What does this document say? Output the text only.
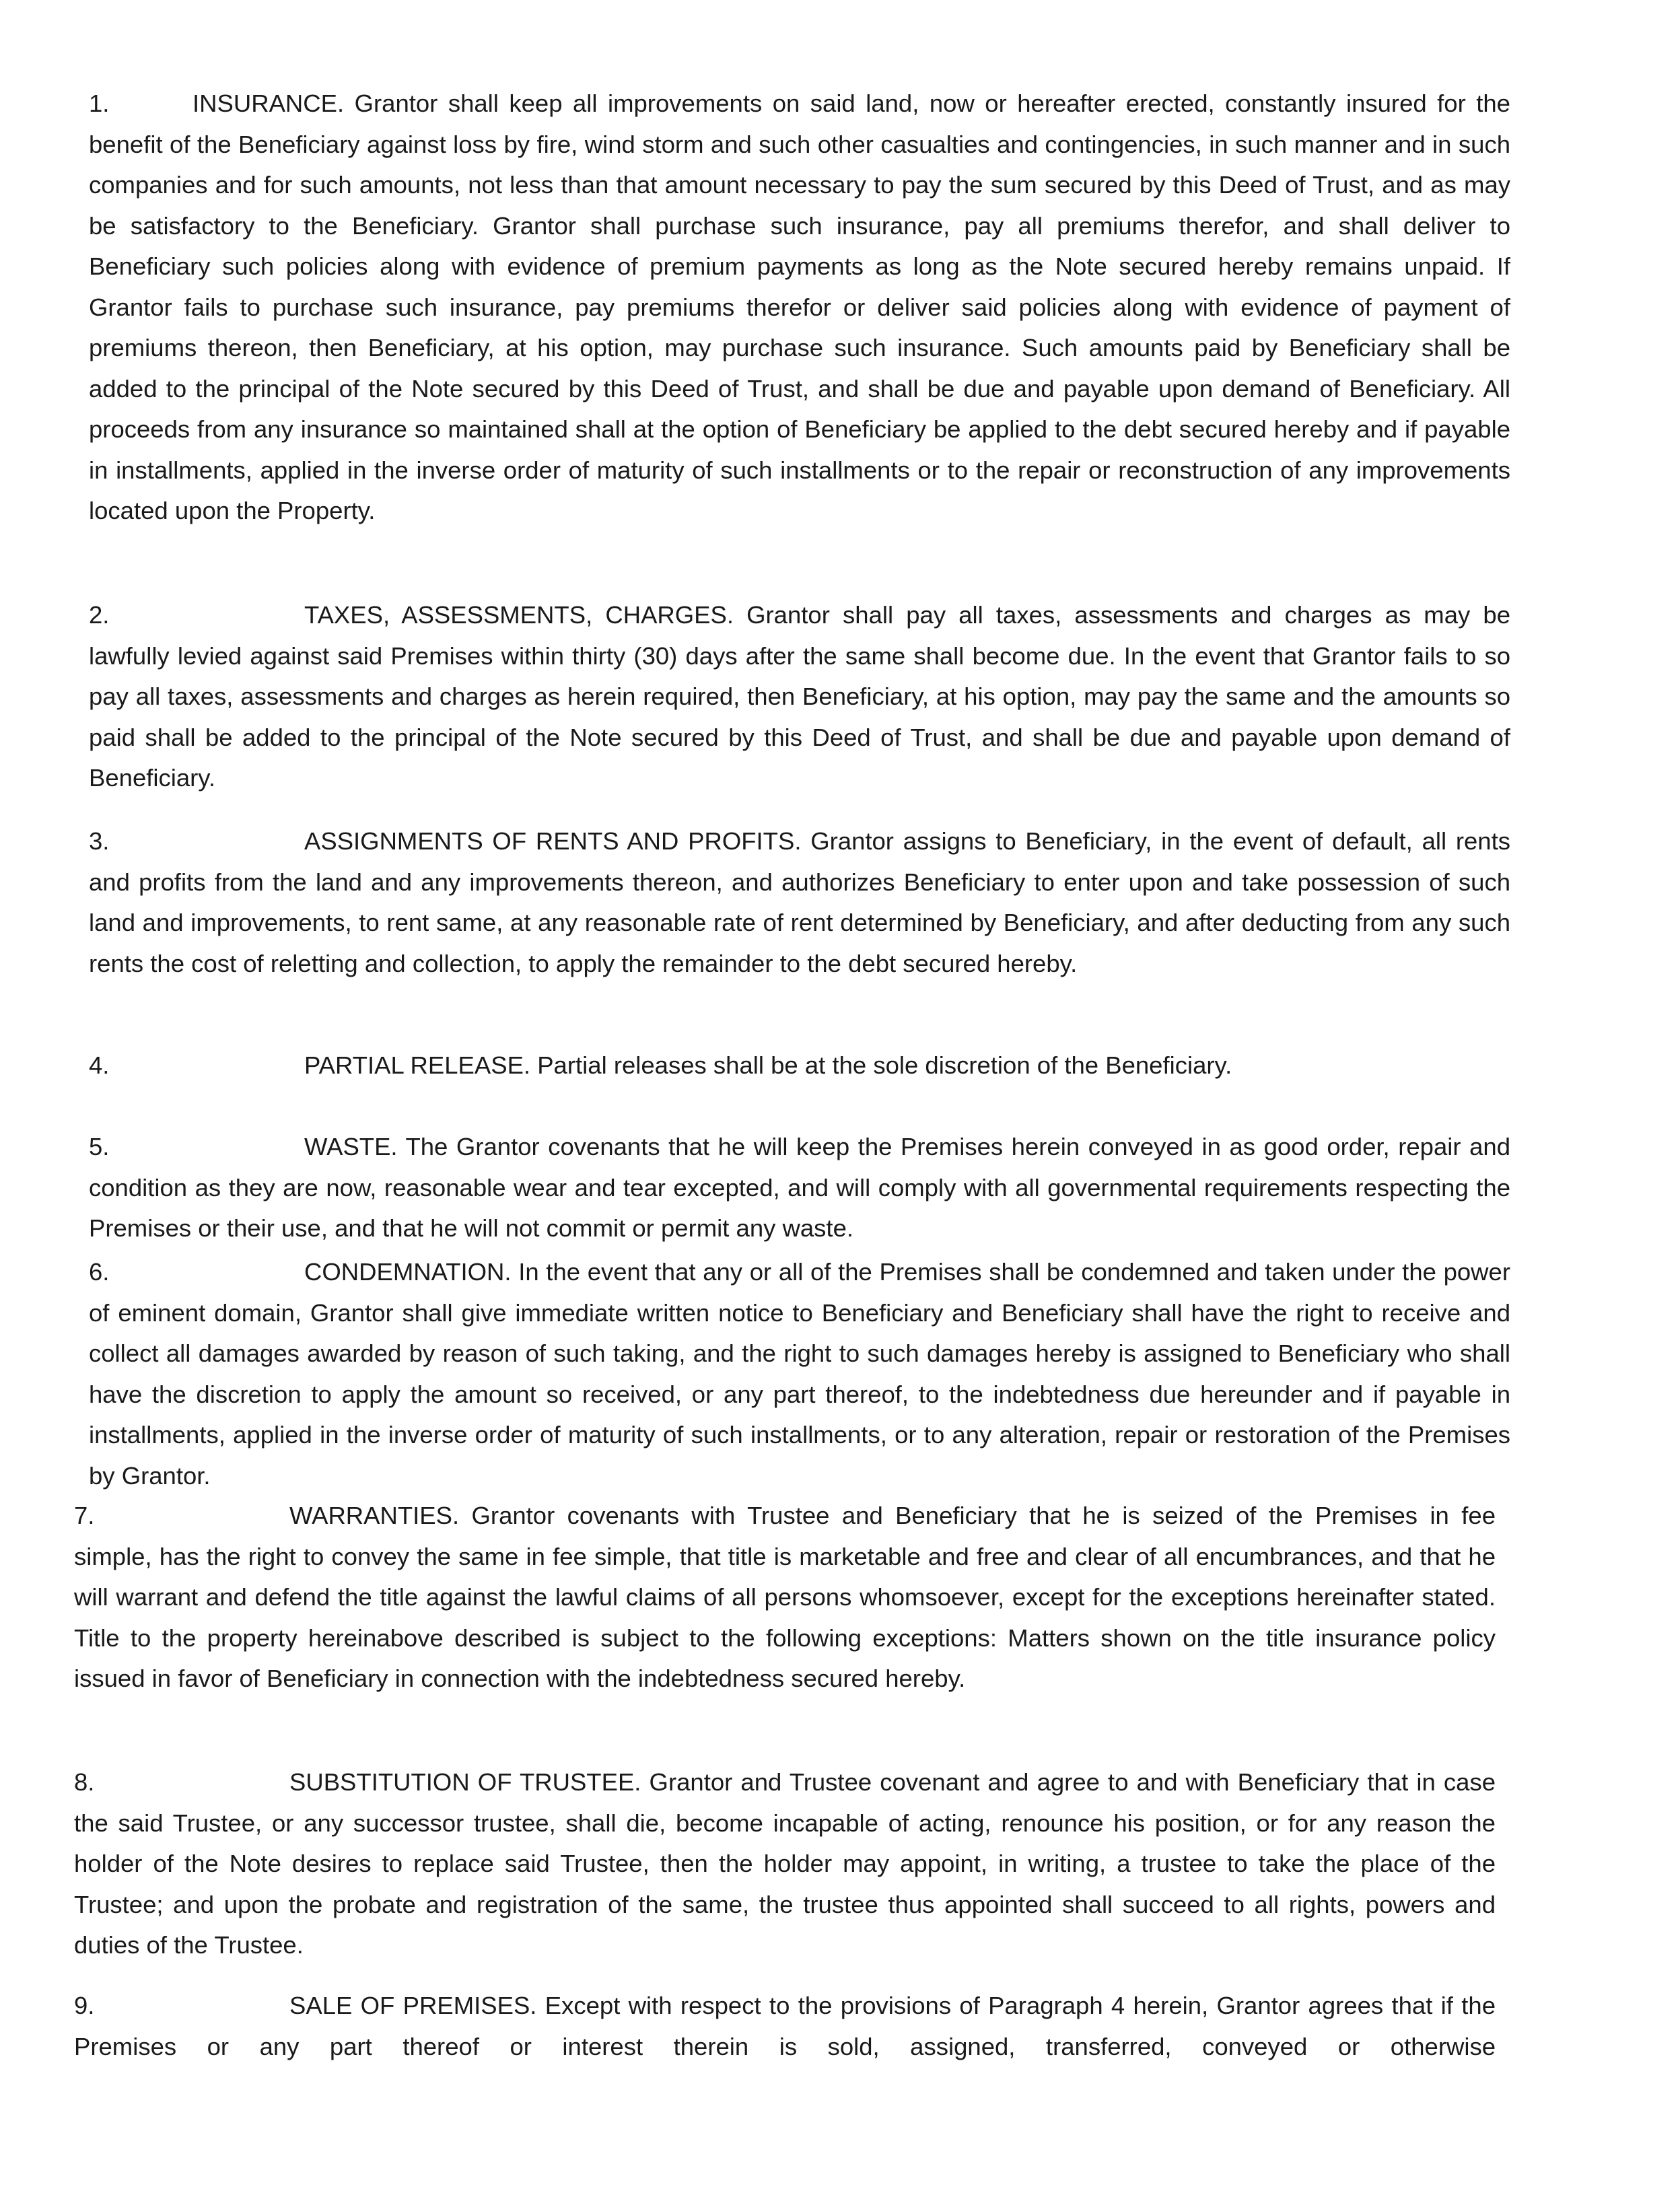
1.	INSURANCE. Grantor shall keep all improvements on said land, now or hereafter erected, constantly insured for the benefit of the Beneficiary against loss by fire, wind storm and such other casualties and contingencies, in such manner and in such companies and for such amounts, not less than that amount necessary to pay the sum secured by this Deed of Trust, and as may be satisfactory to the Beneficiary. Grantor shall purchase such insurance, pay all premiums therefor, and shall deliver to Beneficiary such policies along with evidence of premium payments as long as the Note secured hereby remains unpaid. If Grantor fails to purchase such insurance, pay premiums therefor or deliver said policies along with evidence of payment of premiums thereon, then Beneficiary, at his option, may purchase such insurance. Such amounts paid by Beneficiary shall be added to the principal of the Note secured by this Deed of Trust, and shall be due and payable upon demand of Beneficiary. All proceeds from any insurance so maintained shall at the option of Beneficiary be applied to the debt secured hereby and if payable in installments, applied in the inverse order of maturity of such installments or to the repair or reconstruction of any improvements located upon the Property.

2.	TAXES, ASSESSMENTS, CHARGES. Grantor shall pay all taxes, assessments and charges as may be lawfully levied against said Premises within thirty (30) days after the same shall become due. In the event that Grantor fails to so pay all taxes, assessments and charges as herein required, then Beneficiary, at his option, may pay the same and the amounts so paid shall be added to the principal of the Note secured by this Deed of Trust, and shall be due and payable upon demand of Beneficiary.

3.	ASSIGNMENTS OF RENTS AND PROFITS. Grantor assigns to Beneficiary, in the event of default, all rents and profits from the land and any improvements thereon, and authorizes Beneficiary to enter upon and take possession of such land and improvements, to rent same, at any reasonable rate of rent determined by Beneficiary, and after deducting from any such rents the cost of reletting and collection, to apply the remainder to the debt secured hereby.

4.	PARTIAL RELEASE. Partial releases shall be at the sole discretion of the Beneficiary.

5.	WASTE. The Grantor covenants that he will keep the Premises herein conveyed in as good order, repair and condition as they are now, reasonable wear and tear excepted, and will comply with all governmental requirements respecting the Premises or their use, and that he will not commit or permit any waste.

6.	CONDEMNATION. In the event that any or all of the Premises shall be condemned and taken under the power of eminent domain, Grantor shall give immediate written notice to Beneficiary and Beneficiary shall have the right to receive and collect all damages awarded by reason of such taking, and the right to such damages hereby is assigned to Beneficiary who shall have the discretion to apply the amount so received, or any part thereof, to the indebtedness due hereunder and if payable in installments, applied in the inverse order of maturity of such installments, or to any alteration, repair or restoration of the Premises by Grantor.

7.	WARRANTIES. Grantor covenants with Trustee and Beneficiary that he is seized of the Premises in fee simple, has the right to convey the same in fee simple, that title is marketable and free and clear of all encumbrances, and that he will warrant and defend the title against the lawful claims of all persons whomsoever, except for the exceptions hereinafter stated. Title to the property hereinabove described is subject to the following exceptions: Matters shown on the title insurance policy issued in favor of Beneficiary in connection with the indebtedness secured hereby.

8.	SUBSTITUTION OF TRUSTEE. Grantor and Trustee covenant and agree to and with Beneficiary that in case the said Trustee, or any successor trustee, shall die, become incapable of acting, renounce his position, or for any reason the holder of the Note desires to replace said Trustee, then the holder may appoint, in writing, a trustee to take the place of the Trustee; and upon the probate and registration of the same, the trustee thus appointed shall succeed to all rights, powers and duties of the Trustee.

9.	SALE OF PREMISES. Except with respect to the provisions of Paragraph 4 herein, Grantor agrees that if the Premises or any part thereof or interest therein is sold, assigned, transferred, conveyed or otherwise
